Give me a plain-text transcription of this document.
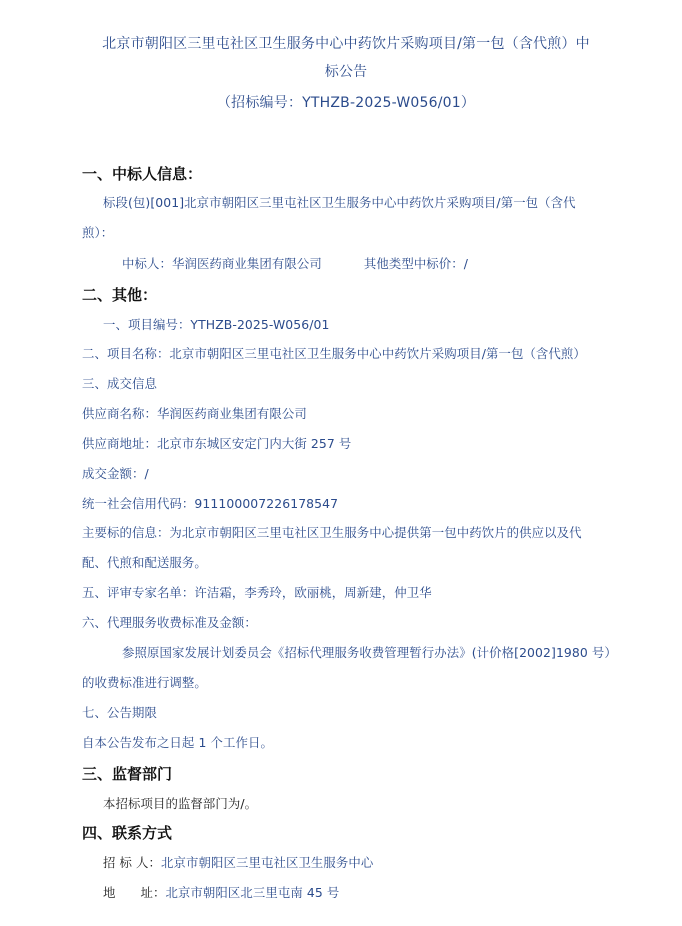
北京市朝阳区三里屯社区卫生服务中心中药饮片采购项目/第一包（含代煎）中
标公告
（招标编号：YTHZB-2025-W056/01）
一、中标人信息：
标段(包)[001]北京市朝阳区三里屯社区卫生服务中心中药饮片采购项目/第一包（含代
煎）：
中标人：华润医药商业集团有限公司	其他类型中标价：/
二、其他：
一、项目编号：YTHZB-2025-W056/01
二、项目名称：北京市朝阳区三里屯社区卫生服务中心中药饮片采购项目/第一包（含代煎）
三、成交信息
供应商名称：华润医药商业集团有限公司
供应商地址：北京市东城区安定门内大街 257 号
成交金额：/
统一社会信用代码：911100007226178547
主要标的信息：为北京市朝阳区三里屯社区卫生服务中心提供第一包中药饮片的供应以及代
配、代煎和配送服务。
五、评审专家名单：许洁霜，李秀玲，欧丽桃，周新建，仲卫华
六、代理服务收费标准及金额：
参照原国家发展计划委员会《招标代理服务收费管理暂行办法》(计价格[2002]1980 号）
的收费标准进行调整。
七、公告期限
自本公告发布之日起 1 个工作日。
三、监督部门
本招标项目的监督部门为/。
四、联系方式
招 标 人：北京市朝阳区三里屯社区卫生服务中心
地　　址：北京市朝阳区北三里屯南 45 号
